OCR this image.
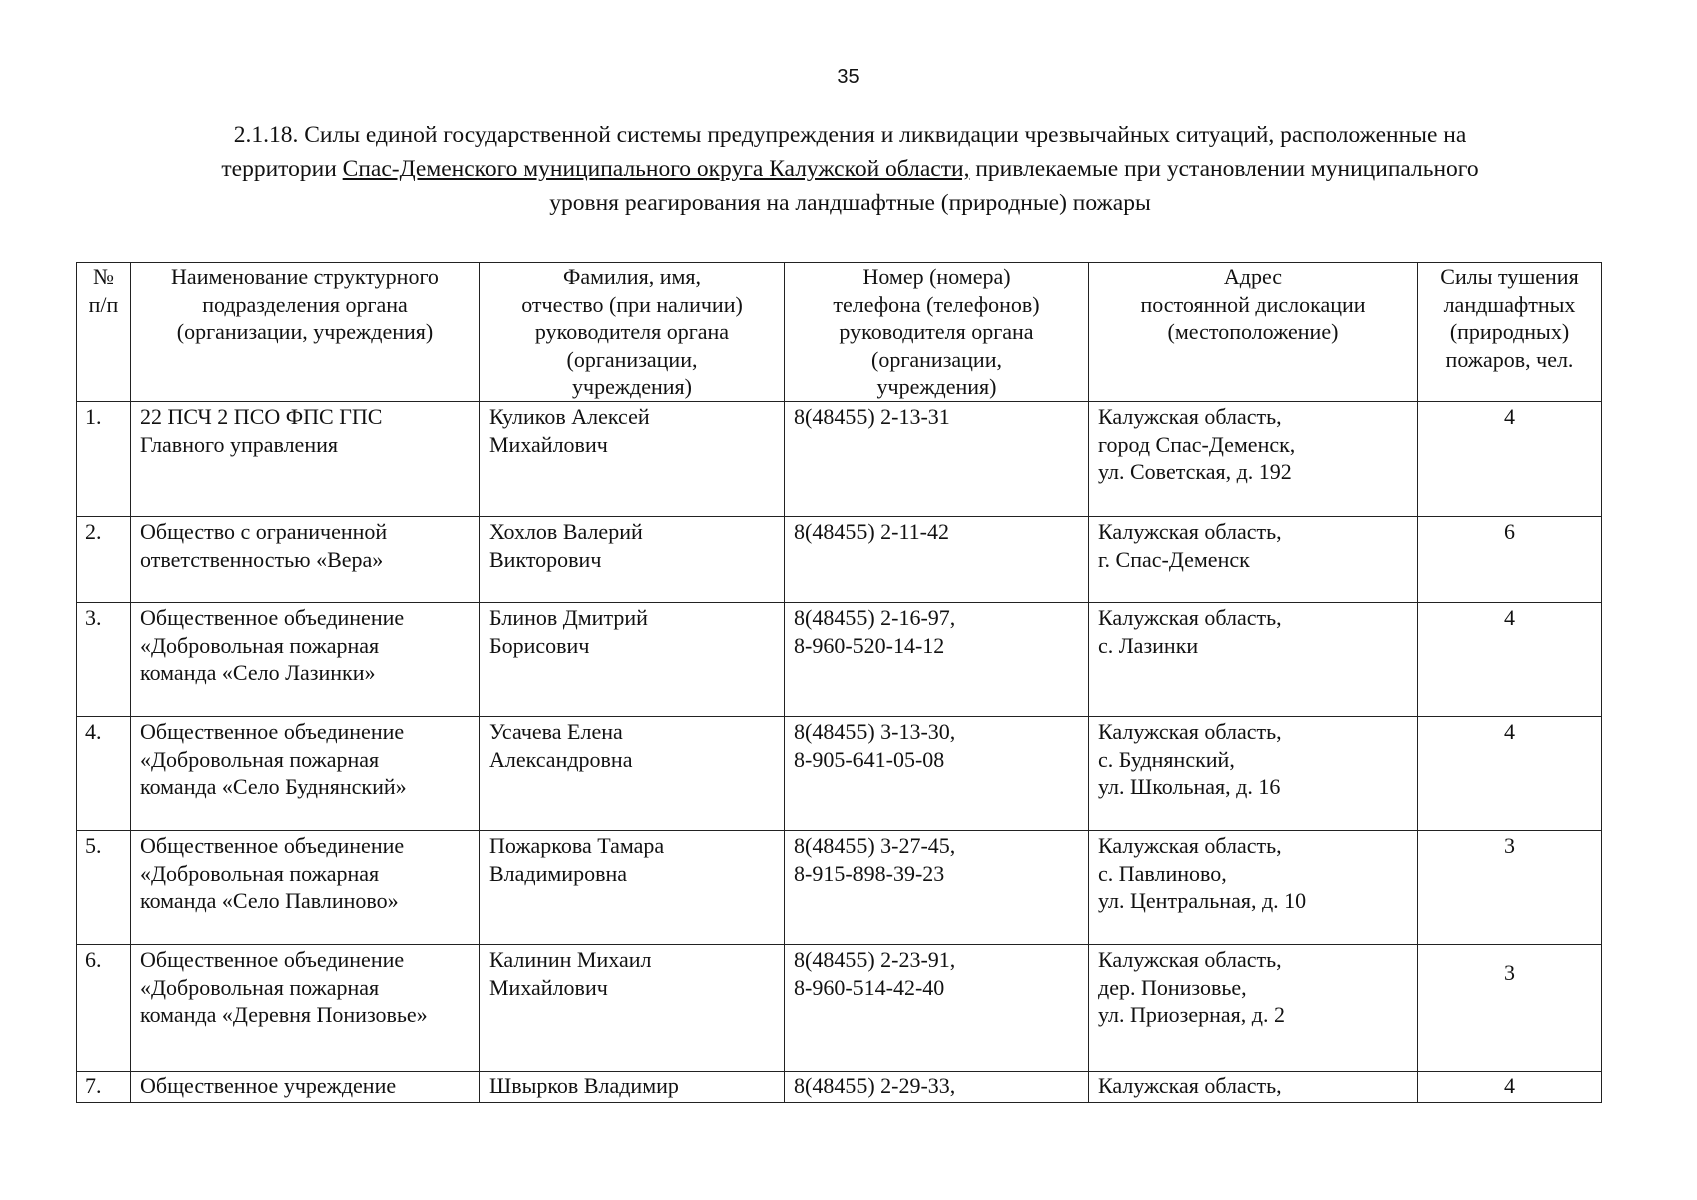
35
2.1.18. Силы единой государственной системы предупреждения и ликвидации чрезвычайных ситуаций, расположенные на
территории Спас-Деменского муниципального округа Калужской области, привлекаемые при установлении муниципального
уровня реагирования на ландшафтные (природные) пожары
№
п/п	Наименование структурного
подразделения органа
(организации, учреждения)	Фамилия, имя,
отчество (при наличии)
руководителя органа
(организации,
учреждения)	Номер (номера)
телефона (телефонов)
руководителя органа
(организации,
учреждения)	Адрес
постоянной дислокации
(местоположение)	Силы тушения
ландшафтных
(природных)
пожаров, чел.

1.	22 ПСЧ 2 ПСО ФПС ГПС
Главного управления	Куликов Алексей
Михайлович	8(48455) 2-13-31	Калужская область,
город Спас-Деменск,
ул. Советская, д. 192	4
2.	Общество с ограниченной
ответственностью «Вера»	Хохлов Валерий
Викторович	8(48455) 2-11-42	Калужская область,
г. Спас-Деменск	6
3.	Общественное объединение
«Добровольная пожарная
команда «Село Лазинки»	Блинов Дмитрий
Борисович	8(48455) 2-16-97,
8-960-520-14-12	Калужская область,
с. Лазинки	4
4.	Общественное объединение
«Добровольная пожарная
команда «Село Буднянский»	Усачева Елена
Александровна	8(48455) 3-13-30,
8-905-641-05-08	Калужская область,
с. Буднянский,
ул. Школьная, д. 16	4
5.	Общественное объединение
«Добровольная пожарная
команда «Село Павлиново»	Пожаркова Тамара
Владимировна	8(48455) 3-27-45,
8-915-898-39-23	Калужская область,
с. Павлиново,
ул. Центральная, д. 10	3
6.	Общественное объединение
«Добровольная пожарная
команда «Деревня Понизовье»	Калинин Михаил
Михайлович	8(48455) 2-23-91,
8-960-514-42-40	Калужская область,
дер. Понизовье,
ул. Приозерная, д. 2	3
7.	Общественное учреждение	Швырков Владимир	8(48455) 2-29-33,	Калужская область,	4
